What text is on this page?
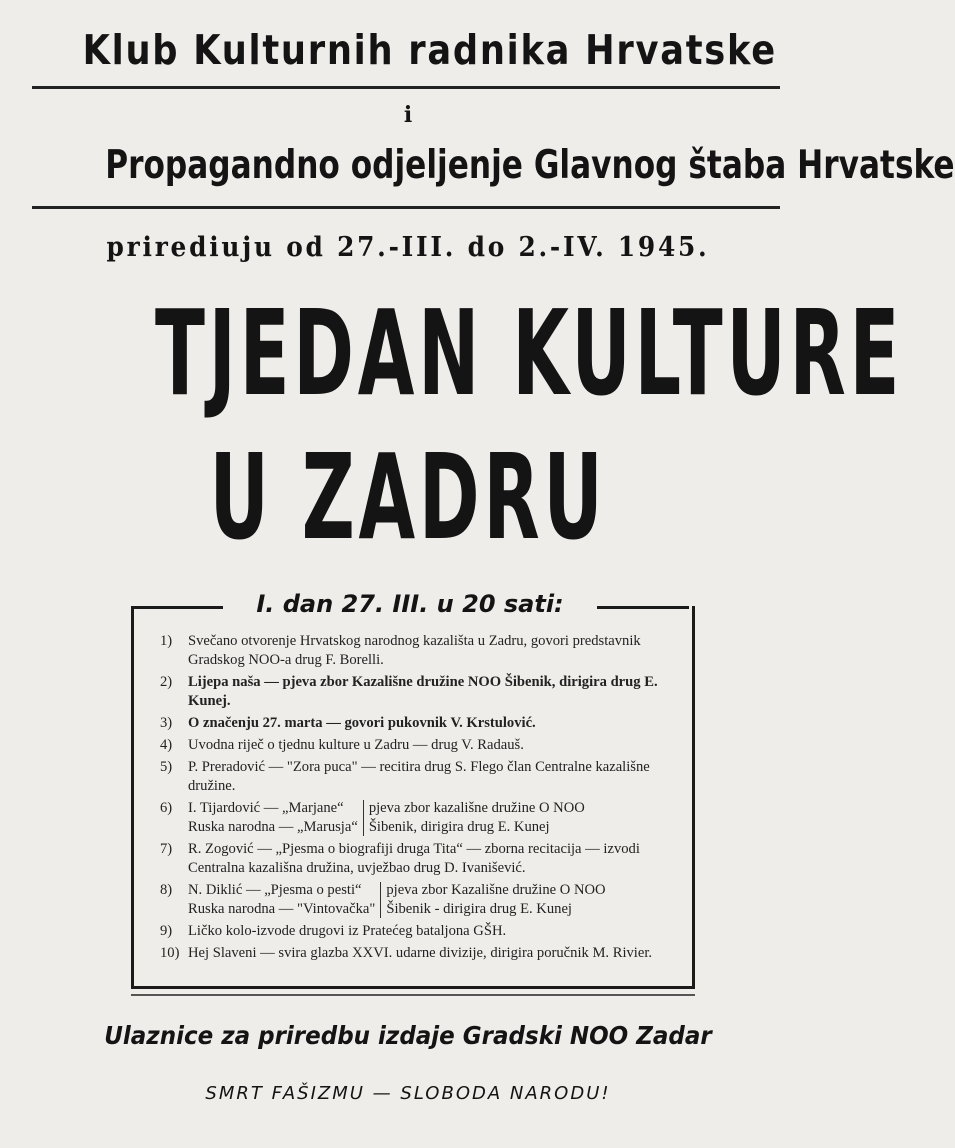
Klub Kulturnih radnika Hrvatske
i
Propagandno odjeljenje Glavnog štaba Hrvatske
prirediuju od 27.-III. do 2.-IV. 1945.
TJEDAN KULTURE
U ZADRU
I. dan 27. III. u 20 sati:
1)	Svečano otvorenje Hrvatskog narodnog kazališta u Zadru, govori predstavnik Gradskog NOO-a drug F. Borelli.
2)	Lijepa naša — pjeva zbor Kazališne družine NOO Šibenik, dirigira drug E. Kunej.
3)	O značenju 27. marta — govori pukovnik V. Krstulović.
4)	Uvodna riječ o tjednu kulture u Zadru — drug V. Radauš.
5)	P. Preradović — "Zora puca" — recitira drug S. Flego član Centralne kazališne družine.
6)	I. Tijardović — „Marjane“
Ruska narodna — „Marusja“
pjeva zbor kazališne družine O NOO
Šibenik, dirigira drug E. Kunej
7)	R. Zogović — „Pjesma o biografiji druga Tita“ — zborna recitacija — izvodi Centralna kazališna družina, uvježbao drug D. Ivanišević.
8)	N. Diklić — „Pjesma o pesti“
Ruska narodna — "Vintovačka"
pjeva zbor Kazališne družine O NOO
Šibenik - dirigira drug E. Kunej
9)	Ličko kolo-izvode drugovi iz Pratećeg bataljona GŠH.
10) Hej Slaveni — svira glazba XXVI. udarne divizije, dirigira poručnik M. Rivier.
Ulaznice za priredbu izdaje Gradski NOO Zadar
SMRT FAŠIZMU — SLOBODA NARODU!
